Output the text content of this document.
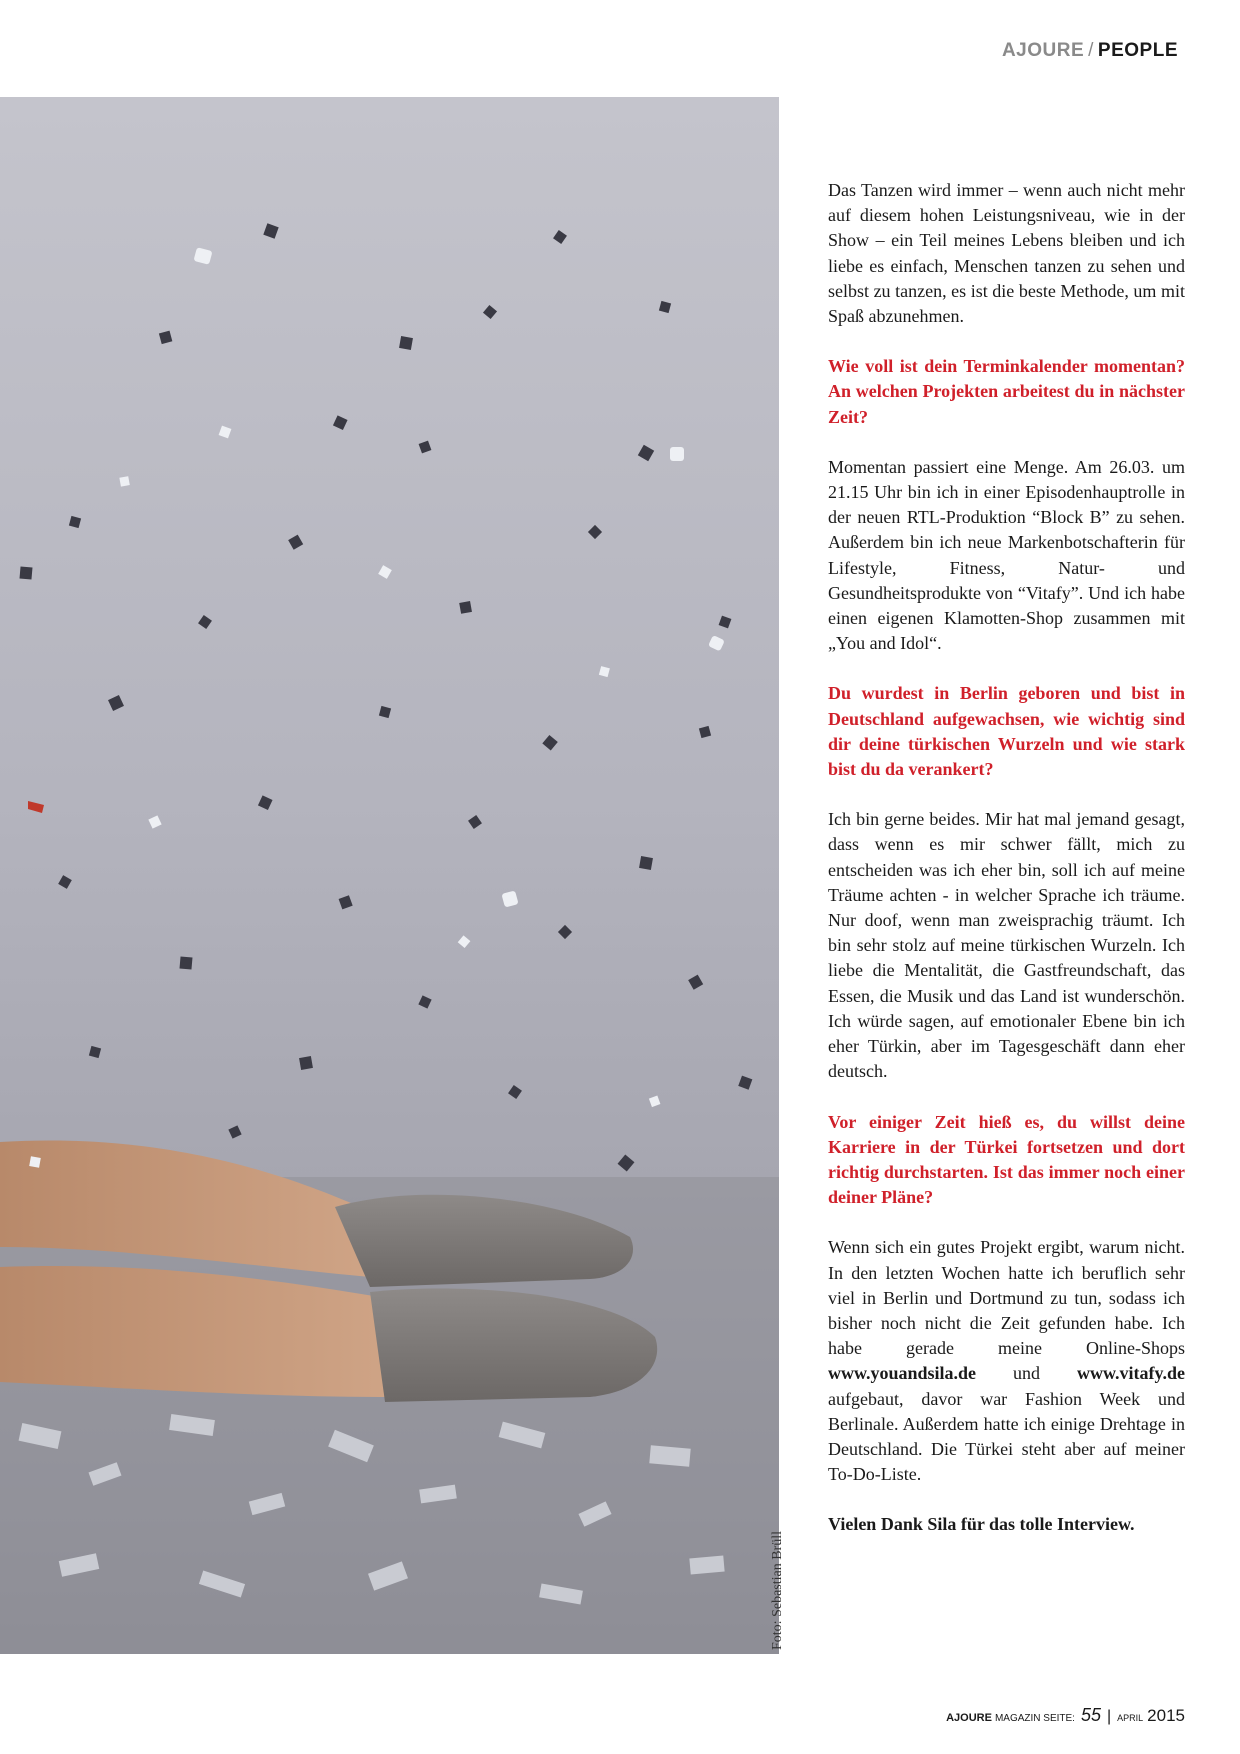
AJOURE / PEOPLE
Foto: Sebastian Brüll

Das Tanzen wird immer – wenn auch nicht mehr auf diesem hohen Leistungsniveau, wie in der Show – ein Teil meines Lebens bleiben und ich liebe es einfach, Menschen tanzen zu sehen und selbst zu tanzen, es ist die beste Methode, um mit Spaß abzunehmen.

Wie voll ist dein Terminkalender momentan? An welchen Projekten arbeitest du in nächster Zeit?

Momentan passiert eine Menge. Am 26.03. um 21.15 Uhr bin ich in einer Episodenhauptrolle in der neuen RTL-Produktion “Block B” zu sehen. Außerdem bin ich neue Markenbotschafterin für Lifestyle, Fitness, Natur- und Gesundheitsprodukte von “Vitafy”. Und ich habe einen eigenen Klamotten-Shop zusammen mit „You and Idol“.

Du wurdest in Berlin geboren und bist in Deutschland aufgewachsen, wie wichtig sind dir deine türkischen Wurzeln und wie stark bist du da verankert?

Ich bin gerne beides. Mir hat mal jemand gesagt, dass wenn es mir schwer fällt, mich zu entscheiden was ich eher bin, soll ich auf meine Träume achten - in welcher Sprache ich träume. Nur doof, wenn man zweisprachig träumt. Ich bin sehr stolz auf meine türkischen Wurzeln. Ich liebe die Mentalität, die Gastfreundschaft, das Essen, die Musik und das Land ist wunderschön. Ich würde sagen, auf emotionaler Ebene bin ich eher Türkin, aber im Tagesgeschäft dann eher deutsch.

Vor einiger Zeit hieß es, du willst deine Karriere in der Türkei fortsetzen und dort richtig durchstarten. Ist das immer noch einer deiner Pläne?

Wenn sich ein gutes Projekt ergibt, warum nicht. In den letzten Wochen hatte ich beruflich sehr viel in Berlin und Dortmund zu tun, sodass ich bisher noch nicht die Zeit gefunden habe. Ich habe gerade meine Online-Shops www.youandsila.de und www.vitafy.de aufgebaut, davor war Fashion Week und Berlinale. Außerdem hatte ich einige Drehtage in Deutschland. Die Türkei steht aber auf meiner To-Do-Liste.

Vielen Dank Sila für das tolle Interview.

AJOURE MAGAZIN SEITE: 55 | APRIL 2015
